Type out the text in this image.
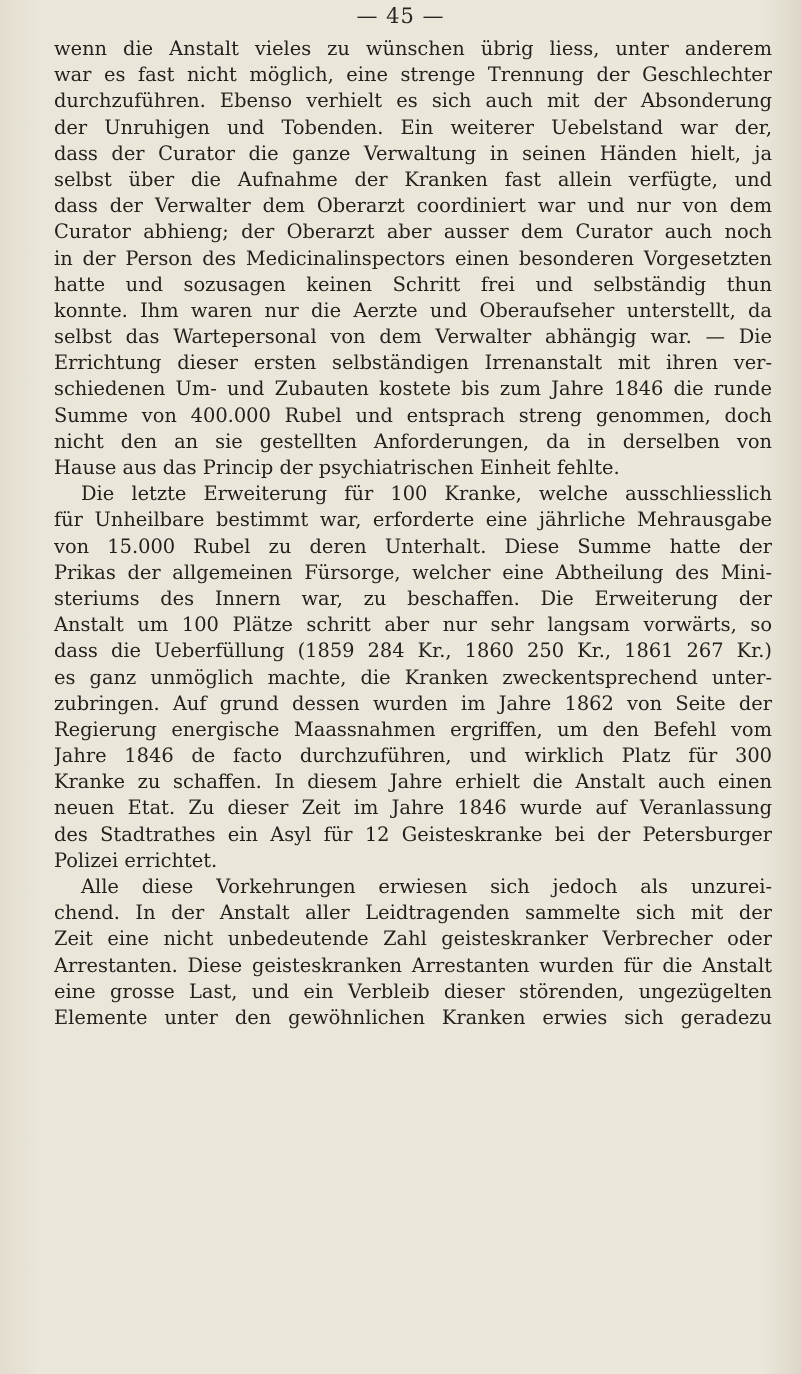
— 45 —
wenn die Anstalt vieles zu wünschen übrig liess, unter anderem
war es fast nicht möglich, eine strenge Trennung der Geschlechter
durchzuführen. Ebenso verhielt es sich auch mit der Absonderung
der Unruhigen und Tobenden. Ein weiterer Uebelstand war der,
dass der Curator die ganze Verwaltung in seinen Händen hielt, ja
selbst über die Aufnahme der Kranken fast allein verfügte, und
dass der Verwalter dem Oberarzt coordiniert war und nur von dem
Curator abhieng; der Oberarzt aber ausser dem Curator auch noch
in der Person des Medicinalinspectors einen besonderen Vorgesetzten
hatte und sozusagen keinen Schritt frei und selbständig thun
konnte. Ihm waren nur die Aerzte und Oberaufseher unterstellt, da
selbst das Wartepersonal von dem Verwalter abhängig war. — Die
Errichtung dieser ersten selbständigen Irrenanstalt mit ihren ver-
schiedenen Um- und Zubauten kostete bis zum Jahre 1846 die runde
Summe von 400.000 Rubel und entsprach streng genommen, doch
nicht den an sie gestellten Anforderungen, da in derselben von
Hause aus das Princip der psychiatrischen Einheit fehlte.
Die letzte Erweiterung für 100 Kranke, welche ausschliesslich
für Unheilbare bestimmt war, erforderte eine jährliche Mehrausgabe
von 15.000 Rubel zu deren Unterhalt. Diese Summe hatte der
Prikas der allgemeinen Fürsorge, welcher eine Abtheilung des Mini-
steriums des Innern war, zu beschaffen. Die Erweiterung der
Anstalt um 100 Plätze schritt aber nur sehr langsam vorwärts, so
dass die Ueberfüllung (1859 284 Kr., 1860 250 Kr., 1861 267 Kr.)
es ganz unmöglich machte, die Kranken zweckentsprechend unter-
zubringen. Auf grund dessen wurden im Jahre 1862 von Seite der
Regierung energische Maassnahmen ergriffen, um den Befehl vom
Jahre 1846 de facto durchzuführen, und wirklich Platz für 300
Kranke zu schaffen. In diesem Jahre erhielt die Anstalt auch einen
neuen Etat. Zu dieser Zeit im Jahre 1846 wurde auf Veranlassung
des Stadtrathes ein Asyl für 12 Geisteskranke bei der Petersburger
Polizei errichtet.
Alle diese Vorkehrungen erwiesen sich jedoch als unzurei-
chend. In der Anstalt aller Leidtragenden sammelte sich mit der
Zeit eine nicht unbedeutende Zahl geisteskranker Verbrecher oder
Arrestanten. Diese geisteskranken Arrestanten wurden für die Anstalt
eine grosse Last, und ein Verbleib dieser störenden, ungezügelten
Elemente unter den gewöhnlichen Kranken erwies sich geradezu
